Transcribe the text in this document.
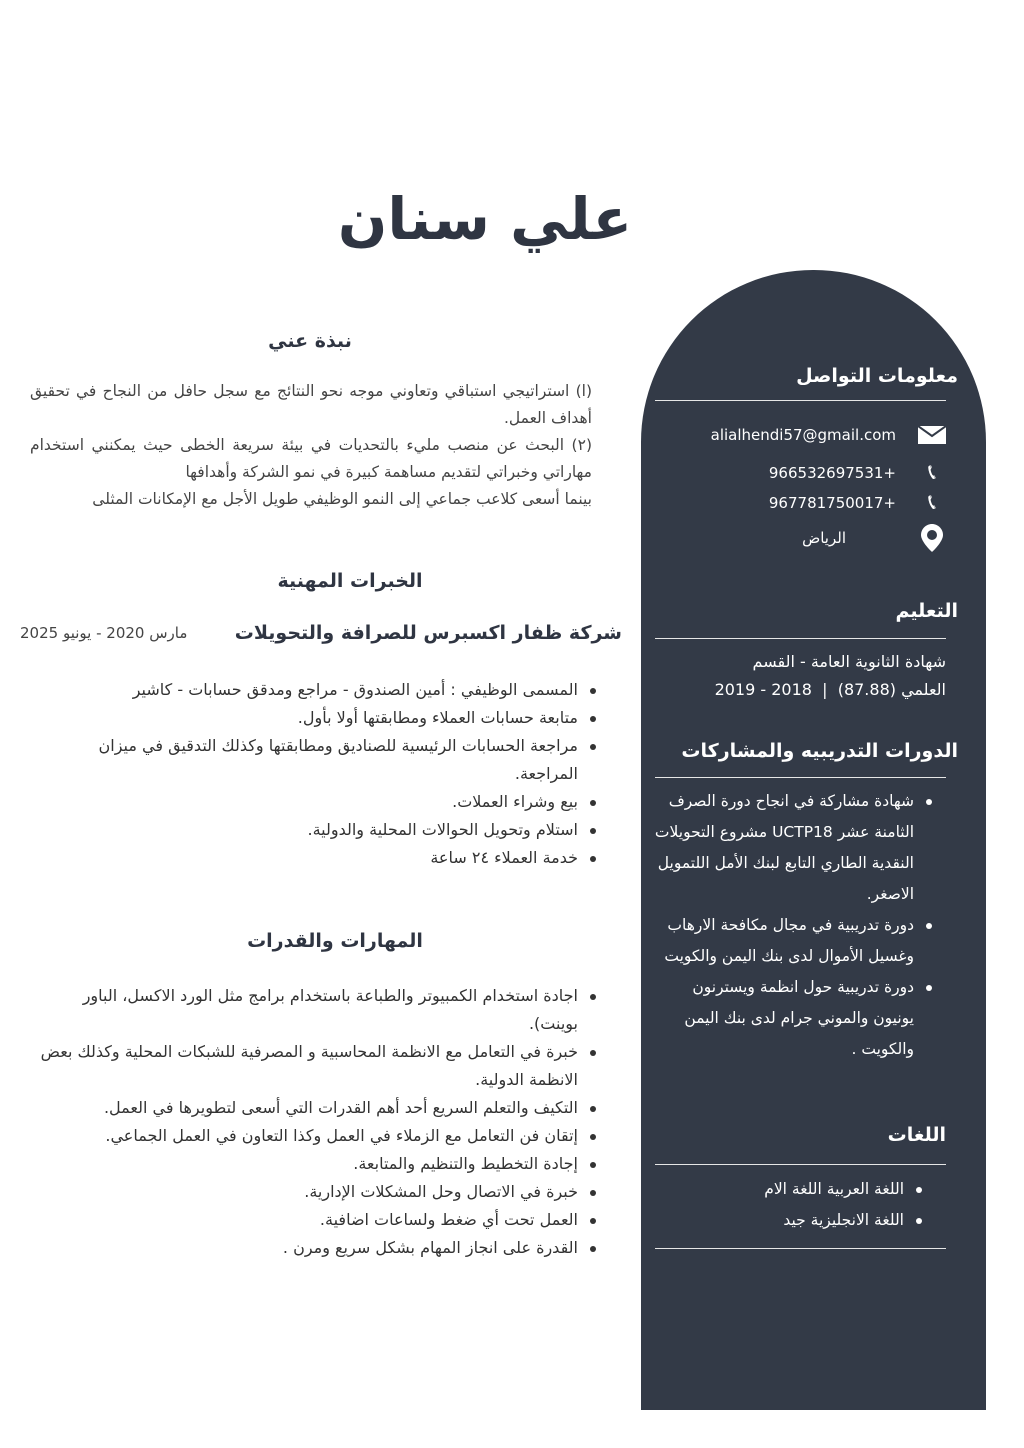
علي سنان
نبذة عني

(ا) استراتيجي استباقي وتعاوني موجه نحو النتائج مع سجل حافل من النجاح في تحقيق أهداف العمل.

(٢) البحث عن منصب مليء بالتحديات في بيئة سريعة الخطى حيث يمكنني استخدام مهاراتي وخبراتي لتقديم مساهمة كبيرة في نمو الشركة وأهدافها

بينما أسعى كلاعب جماعي إلى النمو الوظيفي طويل الأجل مع الإمكانات المثلى

الخبرات المهنية
شركة ظفار اكسبرس للصرافة والتحويلات
مارس 2020 - يونيو 2025
المسمى الوظيفي : أمين الصندوق - مراجع ومدقق حسابات - كاشير
متابعة حسابات العملاء ومطابقتها أولا بأول.
مراجعة الحسابات الرئيسية للصناديق ومطابقتها وكذلك التدقيق في ميزان المراجعة.
بيع وشراء العملات.
استلام وتحويل الحوالات المحلية والدولية.
خدمة العملاء ٢٤ ساعة
المهارات والقدرات
اجادة استخدام الكمبيوتر والطباعة باستخدام برامج مثل الورد الاكسل، الباور بوينت).
خبرة في التعامل مع الانظمة المحاسبية و المصرفية للشبكات المحلية وكذلك بعض الانظمة الدولية.
التكيف والتعلم السريع أحد أهم القدرات التي أسعى لتطويرها في العمل.
إتقان فن التعامل مع الزملاء في العمل وكذا التعاون في العمل الجماعي.
إجادة التخطيط والتنظيم والمتابعة.
خبرة في الاتصال وحل المشكلات الإدارية.
العمل تحت أي ضغط ولساعات اضافية.
القدرة على انجاز المهام بشكل سريع ومرن .
معلومات التواصل
alialhendi57@gmail.com
📞︎
+966532697531
📞︎
+967781750017
الرياض
التعليم
شهادة الثانوية العامة - القسم
العلمي (87.88)  |  2018 - 2019
الدورات التدريبيه والمشاركات
شهادة مشاركة في انجاح دورة الصرف الثامنة عشر UCTP18 مشروع التحويلات النقدية الطاري التابع لبنك الأمل اللتمويل الاصغر.
دورة تدريبية في مجال مكافحة الارهاب وغسيل الأموال لدى بنك اليمن والكويت
دورة تدريبية حول انظمة ويسترنون يونيون والموني جرام لدى بنك اليمن والكويت .
اللغات
اللغة العربية اللغة الام
اللغة الانجليزية جيد
